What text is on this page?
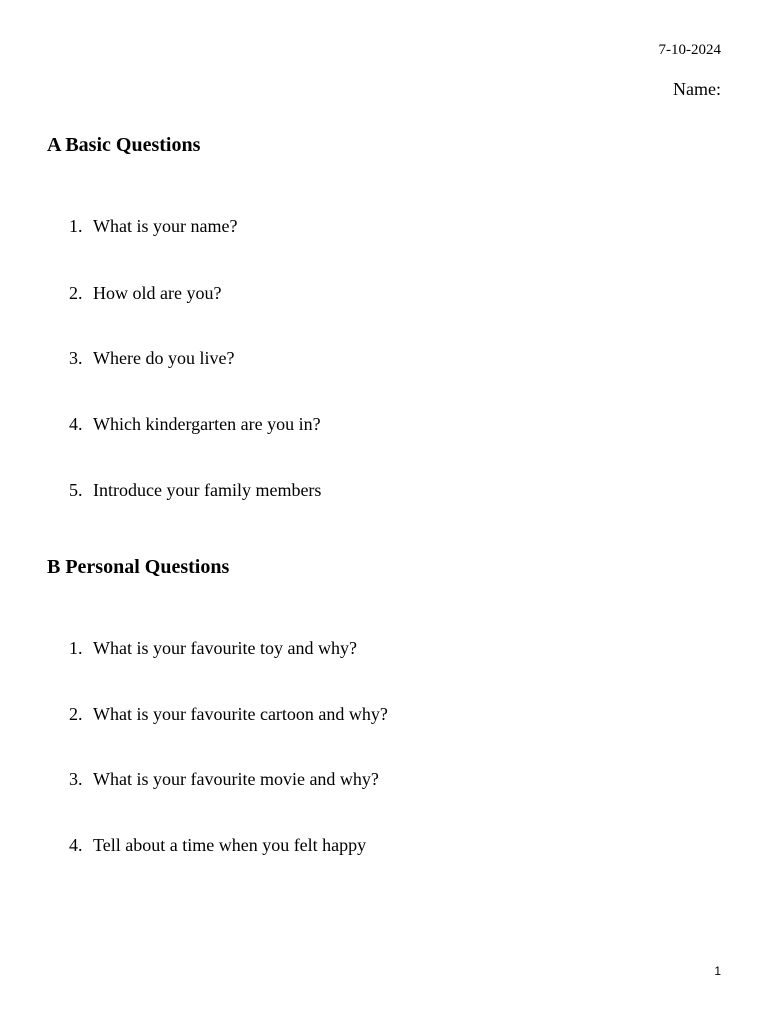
7-10-2024
Name:
A Basic Questions
1. What is your name?
2. How old are you?
3. Where do you live?
4. Which kindergarten are you in?
5. Introduce your family members
B Personal Questions
1. What is your favourite toy and why?
2. What is your favourite cartoon and why?
3. What is your favourite movie and why?
4. Tell about a time when you felt happy
1
